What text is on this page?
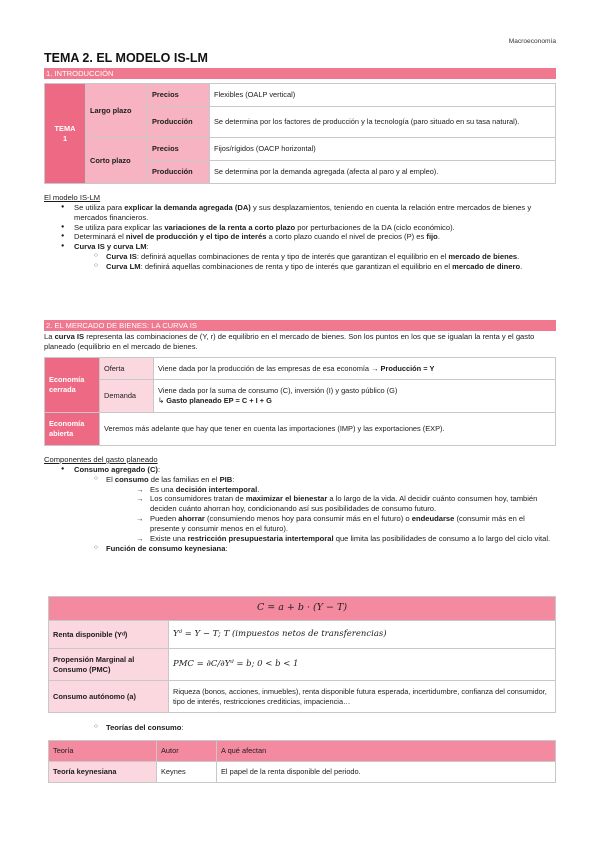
Macroeconomía
TEMA 2. EL MODELO IS-LM
1. INTRODUCCIÓN
TEMA
1	Largo plazo	Precios	Flexibles (OALP vertical)
		Producción	Se determina por los factores de producción y la tecnología (paro situado en su tasa natural).
	Corto plazo	Precios	Fijos/rígidos (OACP horizontal)
		Producción	Se determina por la demanda agregada (afecta al paro y al empleo).
El modelo IS-LM
● Se utiliza para explicar la demanda agregada (DA) y sus desplazamientos, teniendo en cuenta la relación entre mercados de bienes y mercados financieros.
● Se utiliza para explicar las variaciones de la renta a corto plazo por perturbaciones de la DA (ciclo económico).
● Determinará el nivel de producción y el tipo de interés a corto plazo cuando el nivel de precios (P) es fijo.
● Curva IS y curva LM:
○ Curva IS: definirá aquellas combinaciones de renta y tipo de interés que garantizan el equilibrio en el mercado de bienes.
○ Curva LM: definirá aquellas combinaciones de renta y tipo de interés que garantizan el equilibrio en el mercado de dinero.
2. EL MERCADO DE BIENES: LA CURVA IS
La curva IS representa las combinaciones de (Y, r) de equilibrio en el mercado de bienes. Son los puntos en los que se igualan la renta y el gasto planeado (equilibrio en el mercado de bienes.
Economía cerrada	Oferta	Viene dada por la producción de las empresas de esa economía → Producción = Y
	Demanda	Viene dada por la suma de consumo (C), inversión (I) y gasto público (G)
↳ Gasto planeado EP = C + I + G

Economía abierta	Veremos más adelante que hay que tener en cuenta las importaciones (IMP) y las exportaciones (EXP).	
Componentes del gasto planeado
● Consumo agregado (C):
○ El consumo de las familias en el PIB:
→ Es una decisión intertemporal.
→ Los consumidores tratan de maximizar el bienestar a lo largo de la vida. Al decidir cuánto consumen hoy, también deciden cuánto ahorran hoy, condicionando así sus posibilidades de consumo futuro.
→ Pueden ahorrar (consumiendo menos hoy para consumir más en el futuro) o endeudarse (consumir más en el presente y consumir menos en el futuro).
→ Existe una restricción presupuestaria intertemporal que limita las posibilidades de consumo a lo largo del ciclo vital.
○ Función de consumo keynesiana:
C = a + b · (Y − T)	
Renta disponible (Yᵈ)	Yᵈ = Y − T; T (impuestos netos de transferencias)
Propensión Marginal al Consumo (PMC)	PMC = ∂C/∂Yᵈ = b; 0 < b < 1
Consumo autónomo (a)	Riqueza (bonos, acciones, inmuebles), renta disponible futura esperada, incertidumbre, confianza del consumidor, tipo de interés, restricciones crediticias, impaciencia…
○ Teorías del consumo:
Teoría	Autor	A qué afectan
Teoría keynesiana	Keynes	El papel de la renta disponible del periodo.
